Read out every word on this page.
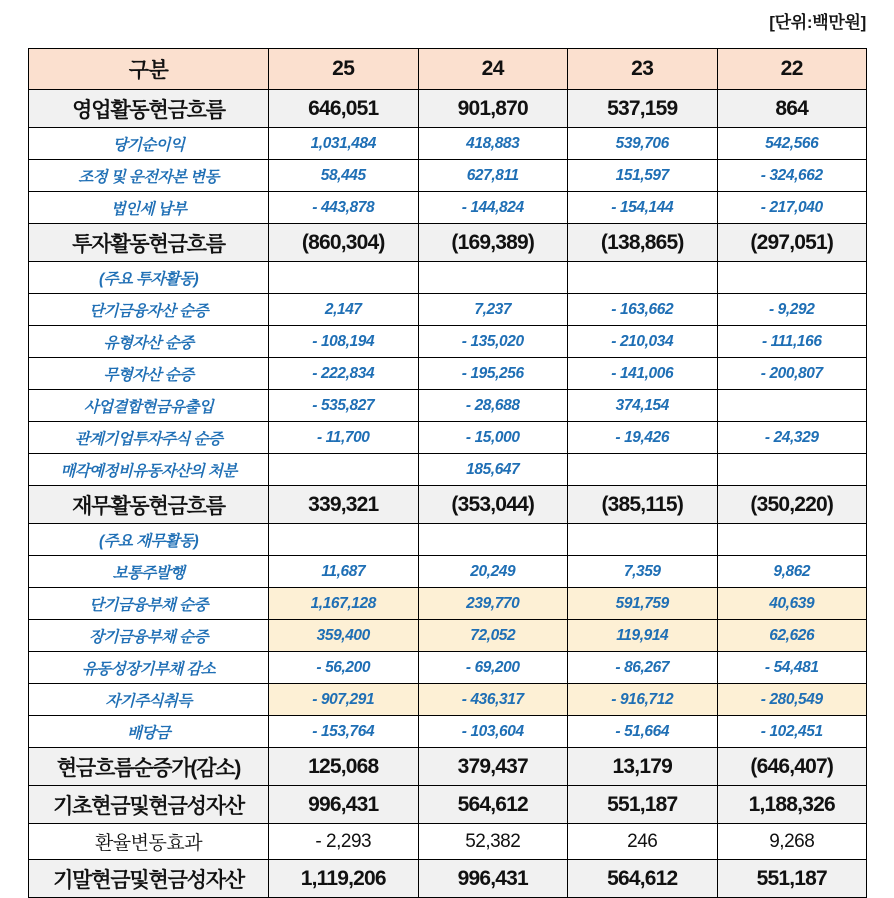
[단위:백만원]
구분	25	24	23	22
영업활동현금흐름	646,051	901,870	537,159	864
당기순이익	1,031,484	418,883	539,706	542,566
조정 및 운전자본 변동	58,445	627,811	151,597	- 324,662
법인세 납부	- 443,878	- 144,824	- 154,144	- 217,040
투자활동현금흐름	(860,304)	(169,389)	(138,865)	(297,051)
(주요 투자활동)				
단기금융자산 순증	2,147	7,237	- 163,662	- 9,292
유형자산 순중	- 108,194	- 135,020	- 210,034	- 111,166
무형자산 순증	- 222,834	- 195,256	- 141,006	- 200,807
사업결합현금유출입	- 535,827	- 28,688	374,154	
관계기업투자주식 순증	- 11,700	- 15,000	- 19,426	- 24,329
매각예정비유동자산의 처분		185,647		
재무활동현금흐름	339,321	(353,044)	(385,115)	(350,220)
(주요 재무활동)				
보통주발행	11,687	20,249	7,359	9,862
단기금융부채 순중	1,167,128	239,770	591,759	40,639
장기금융부채 순증	359,400	72,052	119,914	62,626
유동성장기부채 감소	- 56,200	- 69,200	- 86,267	- 54,481
자기주식취득	- 907,291	- 436,317	- 916,712	- 280,549
배당금	- 153,764	- 103,604	- 51,664	- 102,451
현금흐름순증가(감소)	125,068	379,437	13,179	(646,407)
기초현금및현금성자산	996,431	564,612	551,187	1,188,326
환율변동효과	- 2,293	52,382	246	9,268
기말현금및현금성자산	1,119,206	996,431	564,612	551,187
